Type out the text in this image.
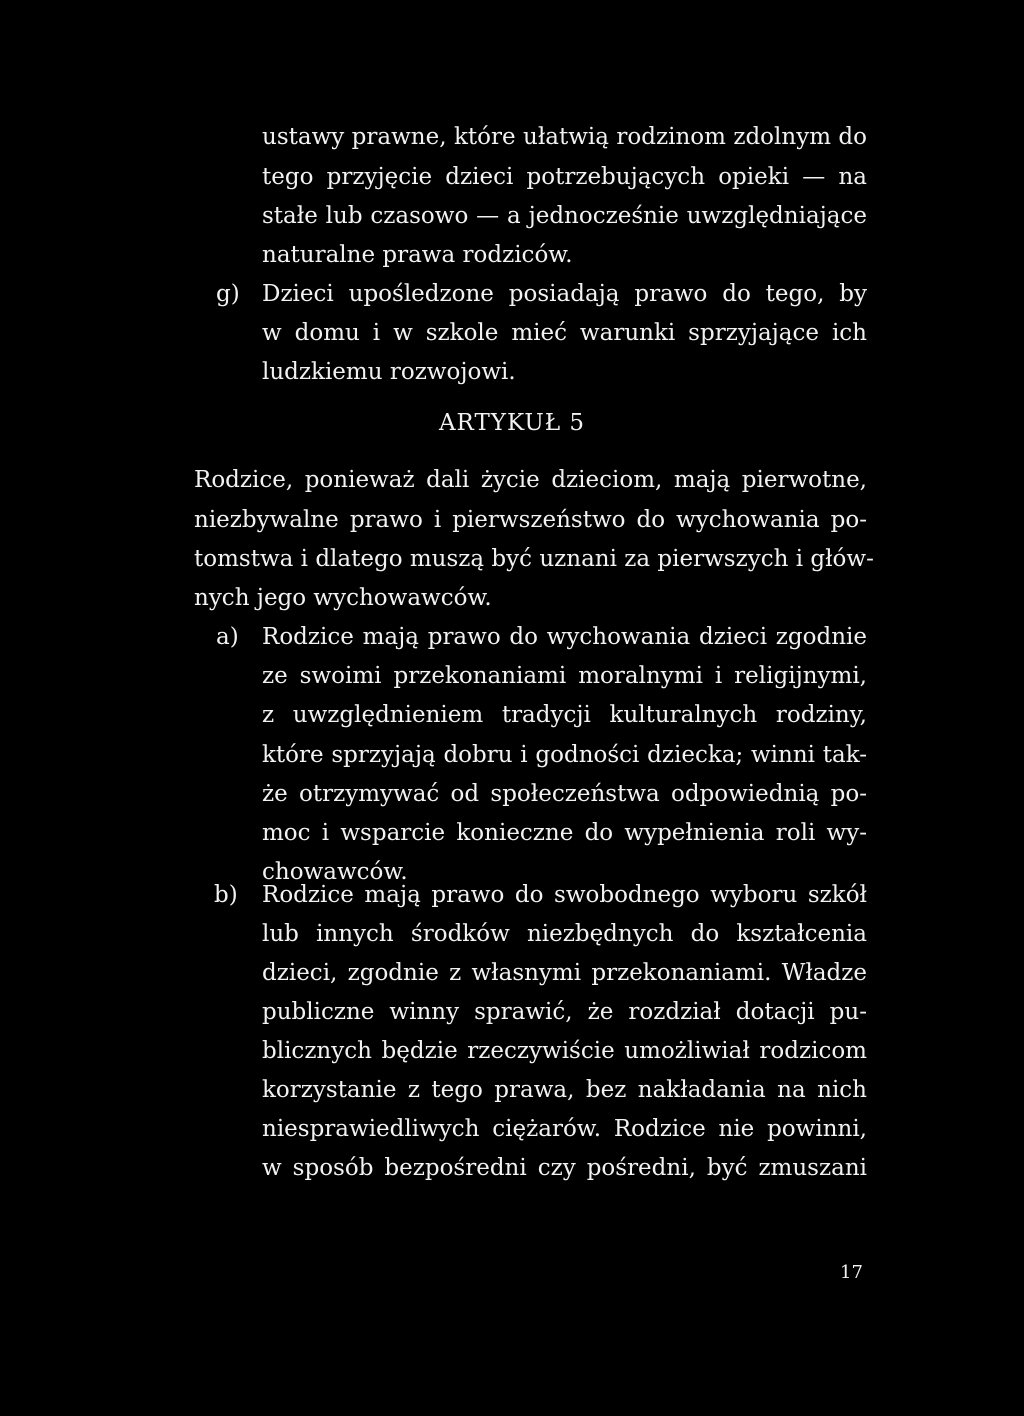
ustawy prawne, które ułatwią rodzinom zdolnym do
tego przyjęcie dzieci potrzebujących opieki — na
stałe lub czasowo — a jednocześnie uwzględniające
naturalne prawa rodziców.
g) Dzieci upośledzone posiadają prawo do tego, by
w domu i w szkole mieć warunki sprzyjające ich
ludzkiemu rozwojowi.
ARTYKUŁ 5
Rodzice, ponieważ dali życie dzieciom, mają pierwotne,
niezbywalne prawo i pierwszeństwo do wychowania po-
tomstwa i dlatego muszą być uznani za pierwszych i głów-
nych jego wychowawców.
a) Rodzice mają prawo do wychowania dzieci zgodnie
ze swoimi przekonaniami moralnymi i religijnymi,
z uwzględnieniem tradycji kulturalnych rodziny,
które sprzyjają dobru i godności dziecka; winni tak-
że otrzymywać od społeczeństwa odpowiednią po-
moc i wsparcie konieczne do wypełnienia roli wy-
chowawców.
b) Rodzice mają prawo do swobodnego wyboru szkół
lub innych środków niezbędnych do kształcenia
dzieci, zgodnie z własnymi przekonaniami. Władze
publiczne winny sprawić, że rozdział dotacji pu-
blicznych będzie rzeczywiście umożliwiał rodzicom
korzystanie z tego prawa, bez nakładania na nich
niesprawiedliwych ciężarów. Rodzice nie powinni,
w sposób bezpośredni czy pośredni, być zmuszani
17
